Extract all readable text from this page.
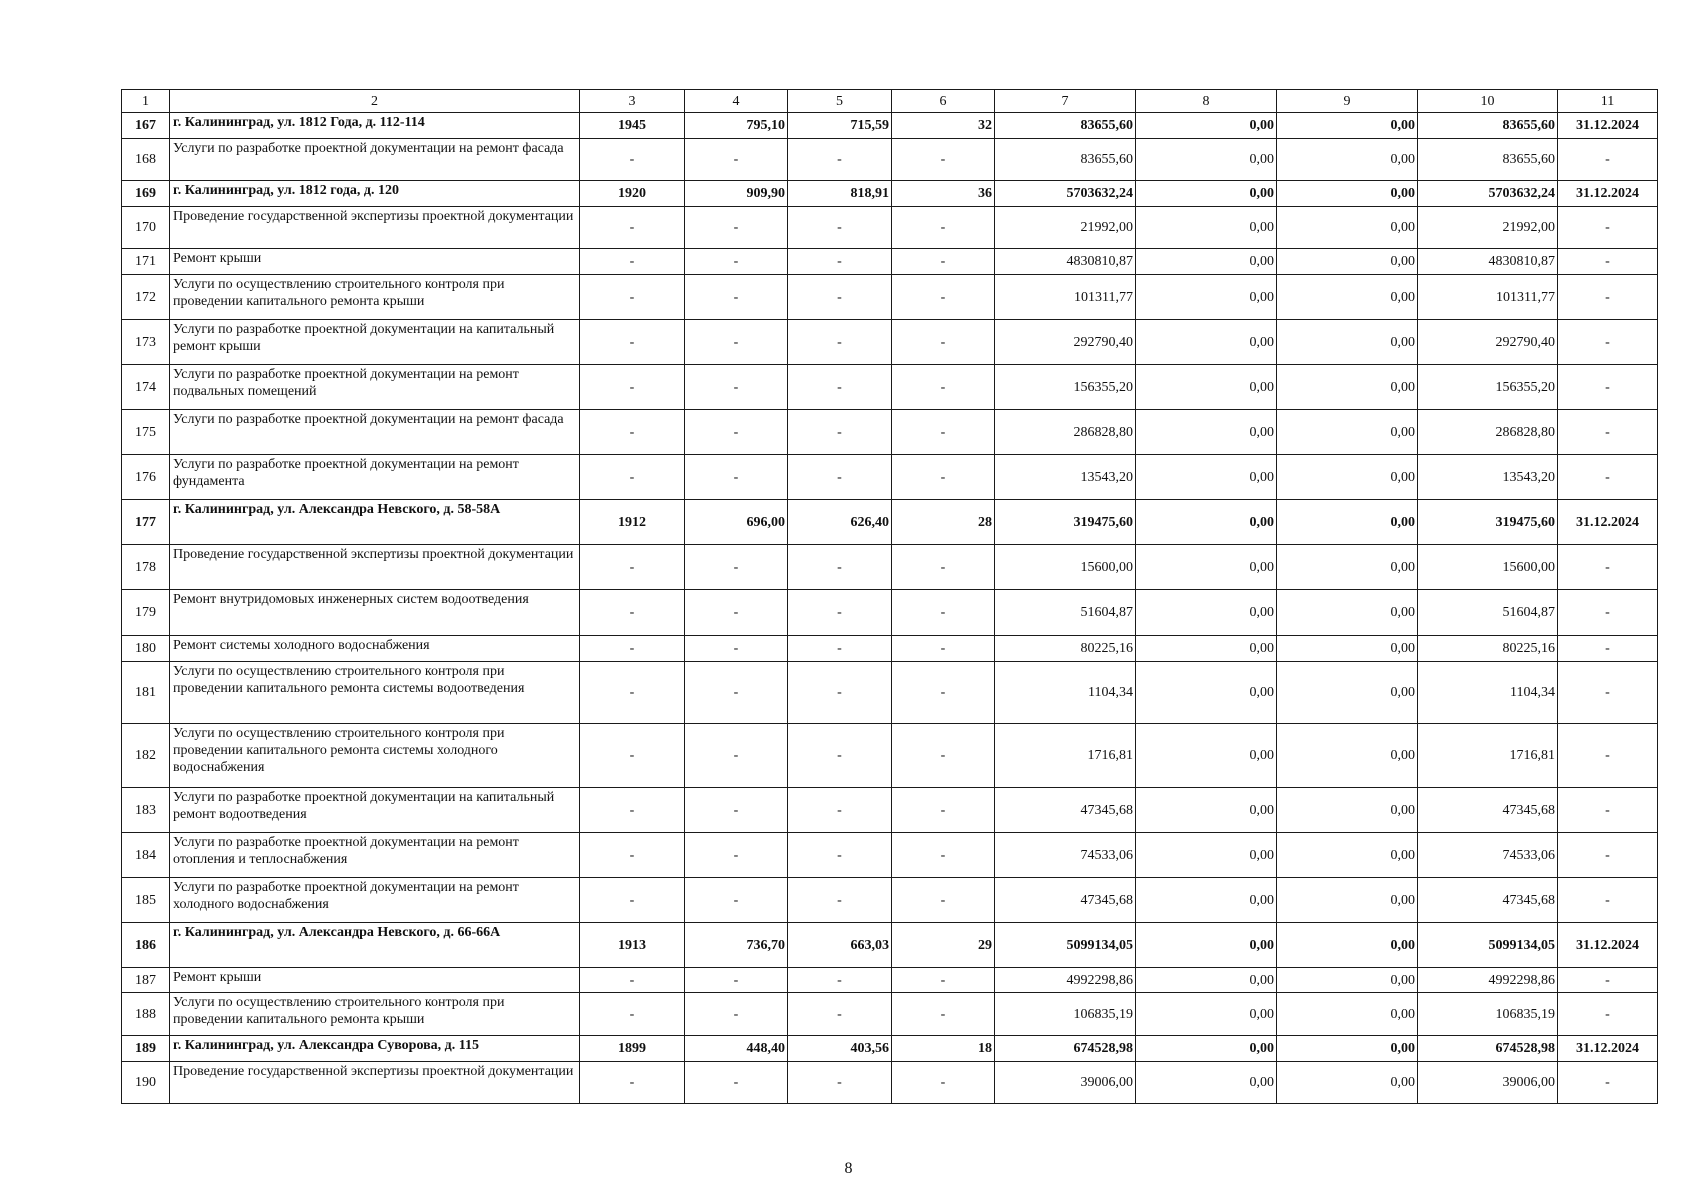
1	2	3	4	5	6	7	8	9	10	11
167	г. Калининград, ул. 1812 Года, д. 112-114	1945	795,10	715,59	32	83655,60	0,00	0,00	83655,60	31.12.2024
168	Услуги по разработке проектной документации на ремонт фасада	-	-	-	-	83655,60	0,00	0,00	83655,60	-
169	г. Калининград, ул. 1812 года, д. 120	1920	909,90	818,91	36	5703632,24	0,00	0,00	5703632,24	31.12.2024
170	Проведение государственной экспертизы проектной документации	-	-	-	-	21992,00	0,00	0,00	21992,00	-
171	Ремонт крыши	-	-	-	-	4830810,87	0,00	0,00	4830810,87	-
172	Услуги по осуществлению строительного контроля при проведении капитального ремонта крыши	-	-	-	-	101311,77	0,00	0,00	101311,77	-
173	Услуги по разработке проектной документации на капитальный ремонт крыши	-	-	-	-	292790,40	0,00	0,00	292790,40	-
174	Услуги по разработке проектной документации на ремонт подвальных помещений	-	-	-	-	156355,20	0,00	0,00	156355,20	-
175	Услуги по разработке проектной документации на ремонт фасада	-	-	-	-	286828,80	0,00	0,00	286828,80	-
176	Услуги по разработке проектной документации на ремонт фундамента	-	-	-	-	13543,20	0,00	0,00	13543,20	-
177	г. Калининград, ул. Александра Невского, д. 58-58А	1912	696,00	626,40	28	319475,60	0,00	0,00	319475,60	31.12.2024
178	Проведение государственной экспертизы проектной документации	-	-	-	-	15600,00	0,00	0,00	15600,00	-
179	Ремонт внутридомовых инженерных систем водоотведения	-	-	-	-	51604,87	0,00	0,00	51604,87	-
180	Ремонт системы холодного водоснабжения	-	-	-	-	80225,16	0,00	0,00	80225,16	-
181	Услуги по осуществлению строительного контроля при проведении капитального ремонта системы водоотведения	-	-	-	-	1104,34	0,00	0,00	1104,34	-
182	Услуги по осуществлению строительного контроля при проведении капитального ремонта системы холодного водоснабжения	-	-	-	-	1716,81	0,00	0,00	1716,81	-
183	Услуги по разработке проектной документации на капитальный ремонт водоотведения	-	-	-	-	47345,68	0,00	0,00	47345,68	-
184	Услуги по разработке проектной документации на ремонт отопления и теплоснабжения	-	-	-	-	74533,06	0,00	0,00	74533,06	-
185	Услуги по разработке проектной документации на ремонт холодного водоснабжения	-	-	-	-	47345,68	0,00	0,00	47345,68	-
186	г. Калининград, ул. Александра Невского, д. 66-66А	1913	736,70	663,03	29	5099134,05	0,00	0,00	5099134,05	31.12.2024
187	Ремонт крыши	-	-	-	-	4992298,86	0,00	0,00	4992298,86	-
188	Услуги по осуществлению строительного контроля при проведении капитального ремонта крыши	-	-	-	-	106835,19	0,00	0,00	106835,19	-
189	г. Калининград, ул. Александра Суворова, д. 115	1899	448,40	403,56	18	674528,98	0,00	0,00	674528,98	31.12.2024
190	Проведение государственной экспертизы проектной документации	-	-	-	-	39006,00	0,00	0,00	39006,00	-
8
